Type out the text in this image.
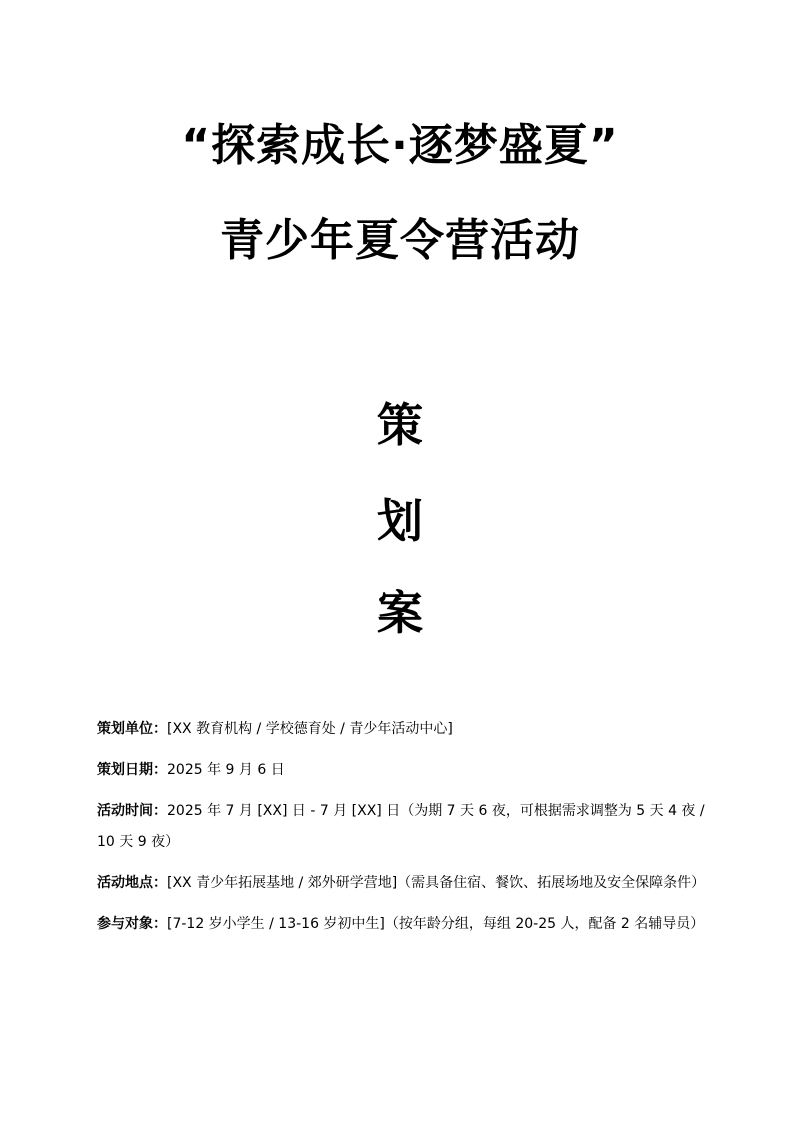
“探索成长·逐梦盛夏”
青少年夏令营活动
策
划
案
策划单位：[XX 教育机构 / 学校德育处 / 青少年活动中心]
策划日期：2025 年 9 月 6 日
活动时间：2025 年 7 月 [XX] 日 - 7 月 [XX] 日（为期 7 天 6 夜，可根据需求调整为 5 天 4 夜 / 10 天 9 夜）
活动地点：[XX 青少年拓展基地 / 郊外研学营地]（需具备住宿、餐饮、拓展场地及安全保障条件）
参与对象：[7-12 岁小学生 / 13-16 岁初中生]（按年龄分组，每组 20-25 人，配备 2 名辅导员）
